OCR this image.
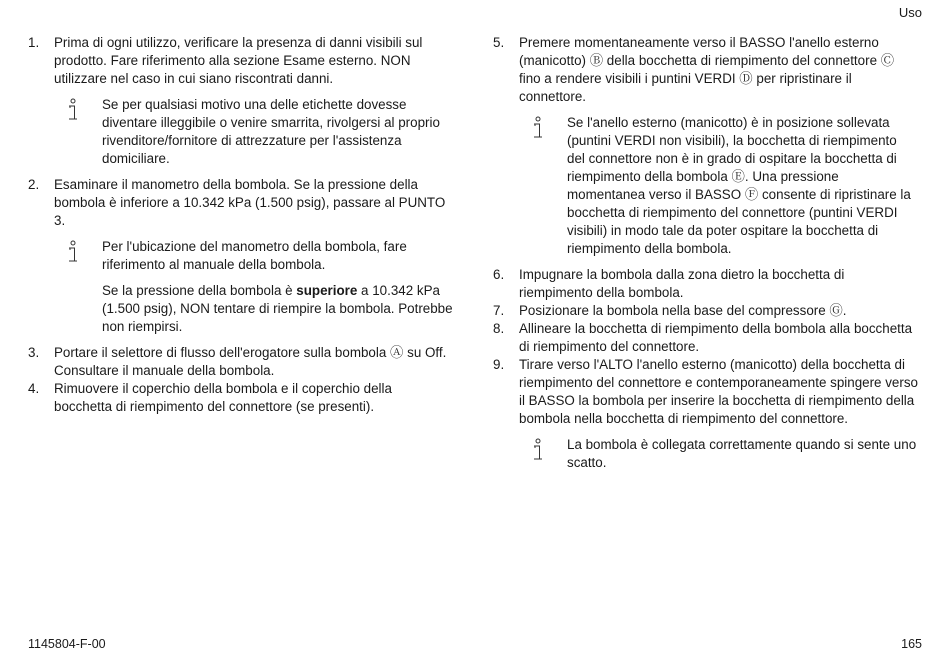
Uso
1.	Prima di ogni utilizzo, verificare la presenza di danni visibili sul prodotto. Fare riferimento alla sezione Esame esterno. NON utilizzare nel caso in cui siano riscontrati danni.
Se per qualsiasi motivo una delle etichette dovesse diventare illeggibile o venire smarrita, rivolgersi al proprio rivenditore/fornitore di attrezzature per l'assistenza domiciliare.
2.	Esaminare il manometro della bombola. Se la pressione della bombola è inferiore a 10.342 kPa (1.500 psig), passare al PUNTO 3.
Per l'ubicazione del manometro della bombola, fare riferimento al manuale della bombola.
Se la pressione della bombola è superiore a 10.342 kPa (1.500 psig), NON tentare di riempire la bombola. Potrebbe non riempirsi.
3.	Portare il selettore di flusso dell'erogatore sulla bombola Ⓐ su Off. Consultare il manuale della bombola.
4.	Rimuovere il coperchio della bombola e il coperchio della bocchetta di riempimento del connettore (se presenti).
5.	Premere momentaneamente verso il BASSO l'anello esterno (manicotto) Ⓑ della bocchetta di riempimento del connettore Ⓒ fino a rendere visibili i puntini VERDI Ⓓ per ripristinare il connettore.
Se l'anello esterno (manicotto) è in posizione sollevata (puntini VERDI non visibili), la bocchetta di riempimento del connettore non è in grado di ospitare la bocchetta di riempimento della bombola Ⓔ. Una pressione momentanea verso il BASSO Ⓕ consente di ripristinare la bocchetta di riempimento del connettore (puntini VERDI visibili) in modo tale da poter ospitare la bocchetta di riempimento della bombola.
6.	Impugnare la bombola dalla zona dietro la bocchetta di riempimento della bombola.
7.	Posizionare la bombola nella base del compressore Ⓖ.
8.	Allineare la bocchetta di riempimento della bombola alla bocchetta di riempimento del connettore.
9.	Tirare verso l'ALTO l'anello esterno (manicotto) della bocchetta di riempimento del connettore e contemporaneamente spingere verso il BASSO la bombola per inserire la bocchetta di riempimento della bombola nella bocchetta di riempimento del connettore.
La bombola è collegata correttamente quando si sente uno scatto.
1145804-F-00	165
